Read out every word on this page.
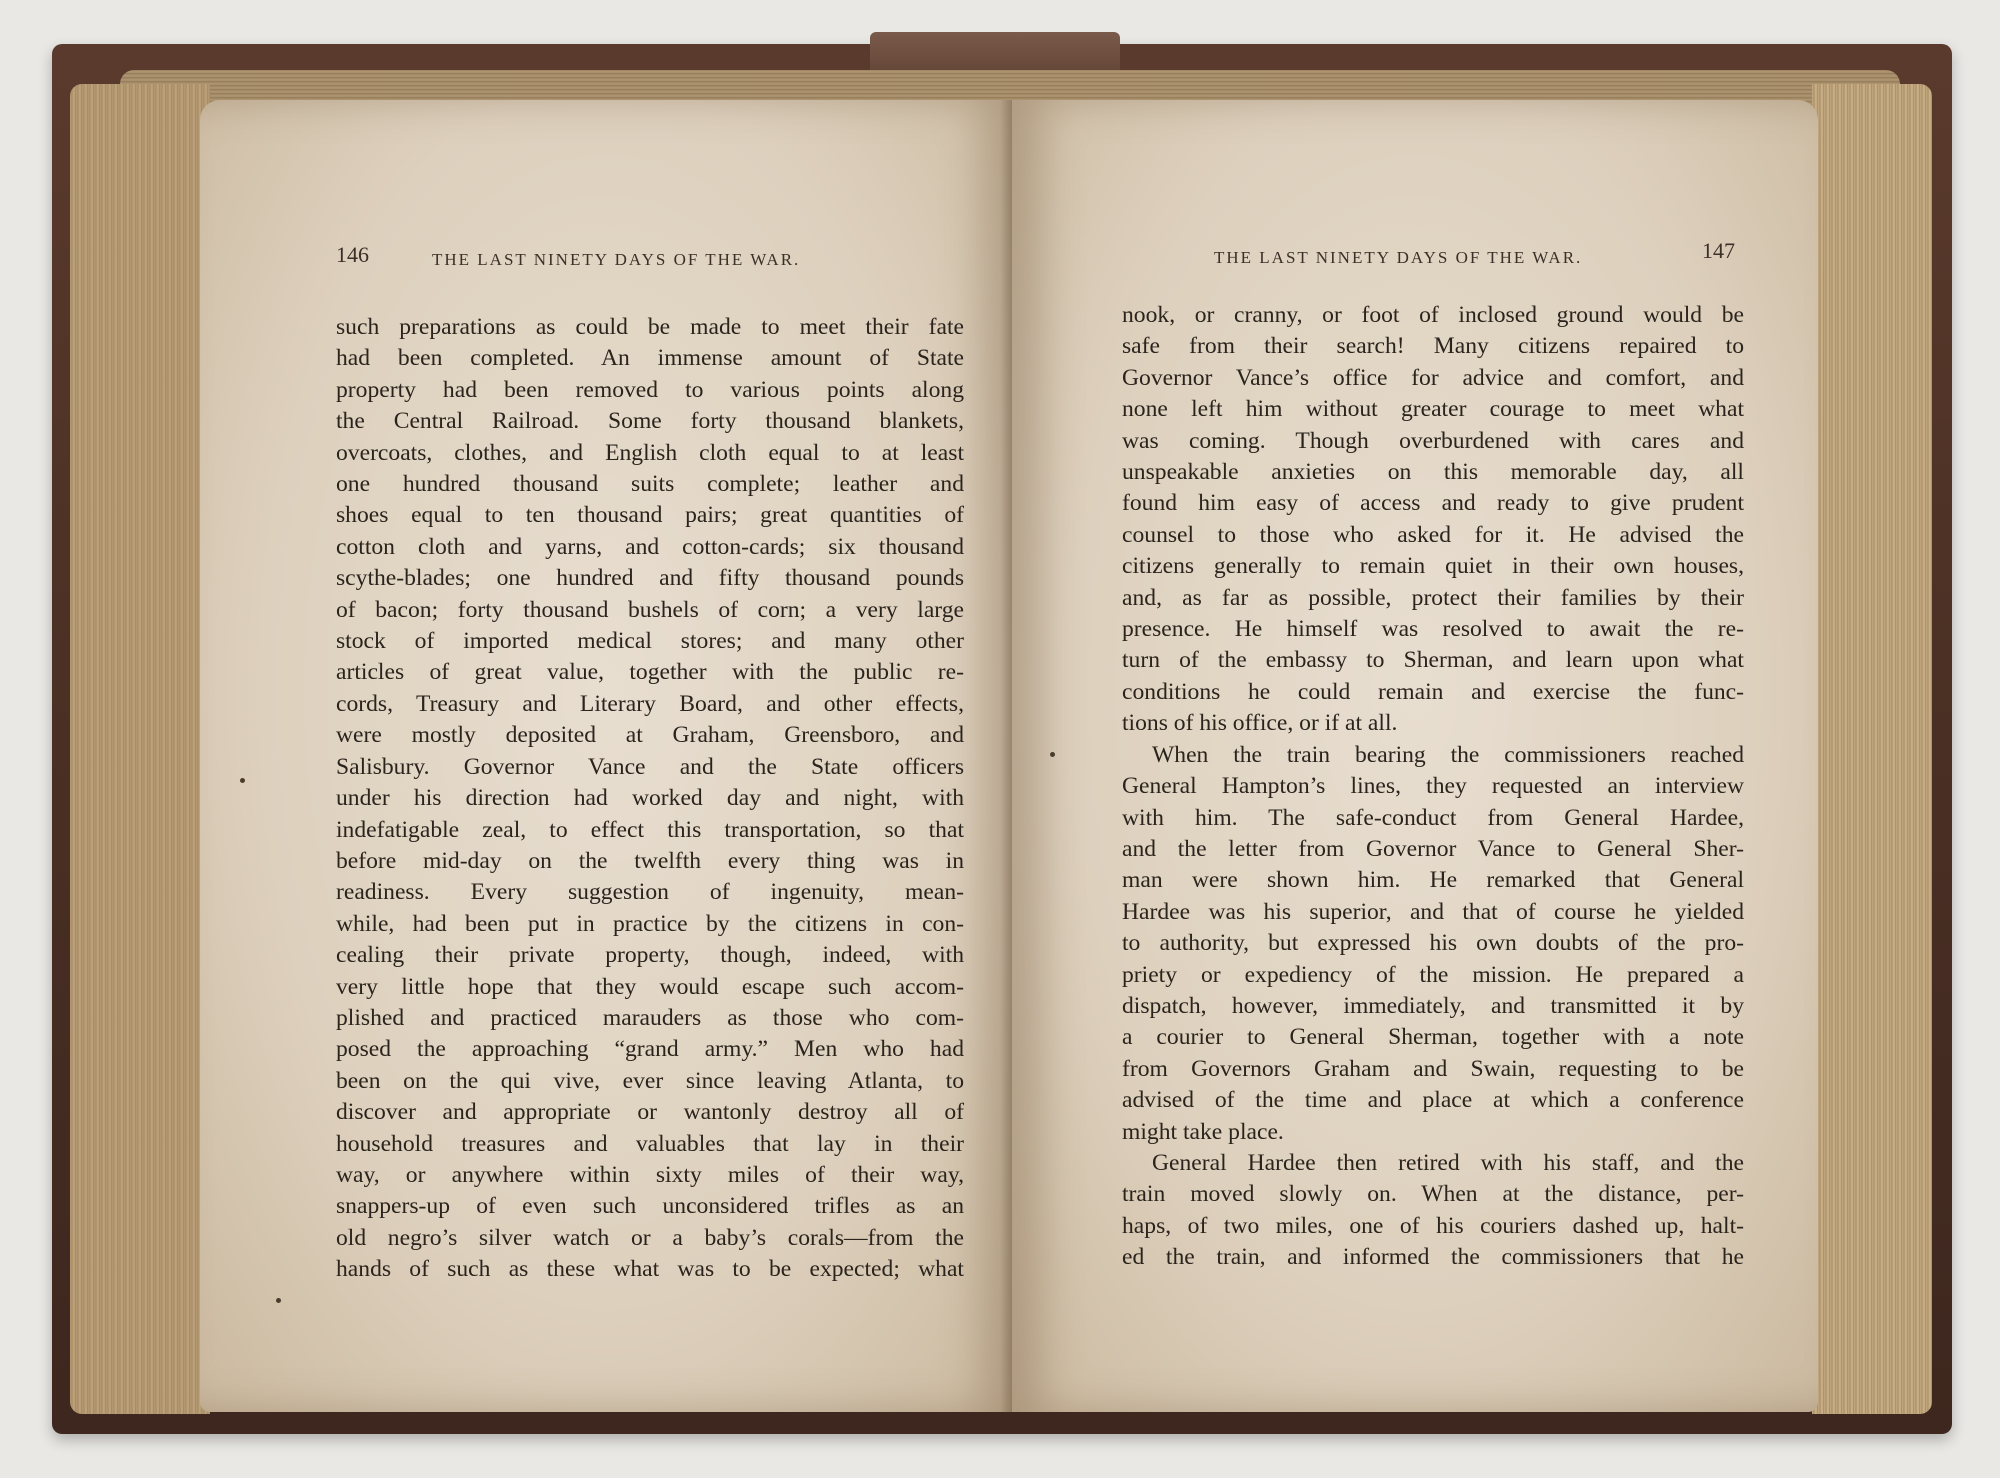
146	THE LAST NINETY DAYS OF THE WAR.
such preparations as could be made to meet their fate
had been completed. An immense amount of State
property had been removed to various points along
the Central Railroad. Some forty thousand blankets,
overcoats, clothes, and English cloth equal to at least
one hundred thousand suits complete; leather and
shoes equal to ten thousand pairs; great quantities of
cotton cloth and yarns, and cotton-cards; six thousand
scythe-blades; one hundred and fifty thousand pounds
of bacon; forty thousand bushels of corn; a very large
stock of imported medical stores; and many other
articles of great value, together with the public re-
cords, Treasury and Literary Board, and other effects,
were mostly deposited at Graham, Greensboro, and
Salisbury. Governor Vance and the State officers
under his direction had worked day and night, with
indefatigable zeal, to effect this transportation, so that
before mid-day on the twelfth every thing was in
readiness. Every suggestion of ingenuity, mean-
while, had been put in practice by the citizens in con-
cealing their private property, though, indeed, with
very little hope that they would escape such accom-
plished and practiced marauders as those who com-
posed the approaching “grand army.” Men who had
been on the qui vive, ever since leaving Atlanta, to
discover and appropriate or wantonly destroy all of
household treasures and valuables that lay in their
way, or anywhere within sixty miles of their way,
snappers-up of even such unconsidered trifles as an
old negro’s silver watch or a baby’s corals—from the
hands of such as these what was to be expected; what
THE LAST NINETY DAYS OF THE WAR.	147
nook, or cranny, or foot of inclosed ground would be
safe from their search! Many citizens repaired to
Governor Vance’s office for advice and comfort, and
none left him without greater courage to meet what
was coming. Though overburdened with cares and
unspeakable anxieties on this memorable day, all
found him easy of access and ready to give prudent
counsel to those who asked for it. He advised the
citizens generally to remain quiet in their own houses,
and, as far as possible, protect their families by their
presence. He himself was resolved to await the re-
turn of the embassy to Sherman, and learn upon what
conditions he could remain and exercise the func-
tions of his office, or if at all.
When the train bearing the commissioners reached
General Hampton’s lines, they requested an interview
with him. The safe-conduct from General Hardee,
and the letter from Governor Vance to General Sher-
man were shown him. He remarked that General
Hardee was his superior, and that of course he yielded
to authority, but expressed his own doubts of the pro-
priety or expediency of the mission. He prepared a
dispatch, however, immediately, and transmitted it by
a courier to General Sherman, together with a note
from Governors Graham and Swain, requesting to be
advised of the time and place at which a conference
might take place.
General Hardee then retired with his staff, and the
train moved slowly on. When at the distance, per-
haps, of two miles, one of his couriers dashed up, halt-
ed the train, and informed the commissioners that he
